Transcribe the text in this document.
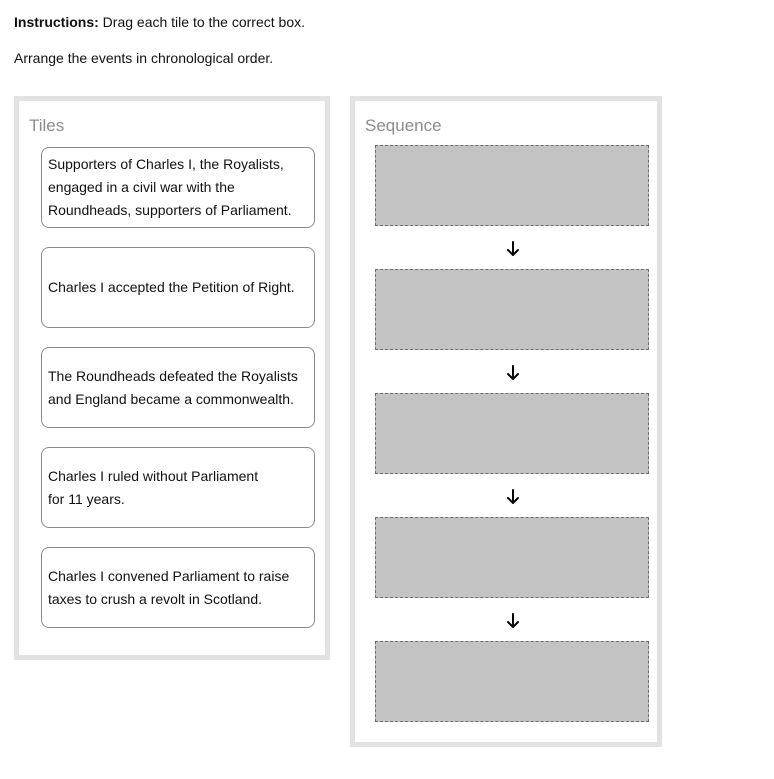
Instructions: Drag each tile to the correct box.
Arrange the events in chronological order.
Tiles
Supporters of Charles I, the Royalists,
engaged in a civil war with the
Roundheads, supporters of Parliament.
Charles I accepted the Petition of Right.
The Roundheads defeated the Royalists
and England became a commonwealth.
Charles I ruled without Parliament
for 11 years.
Charles I convened Parliament to raise
taxes to crush a revolt in Scotland.
Sequence
